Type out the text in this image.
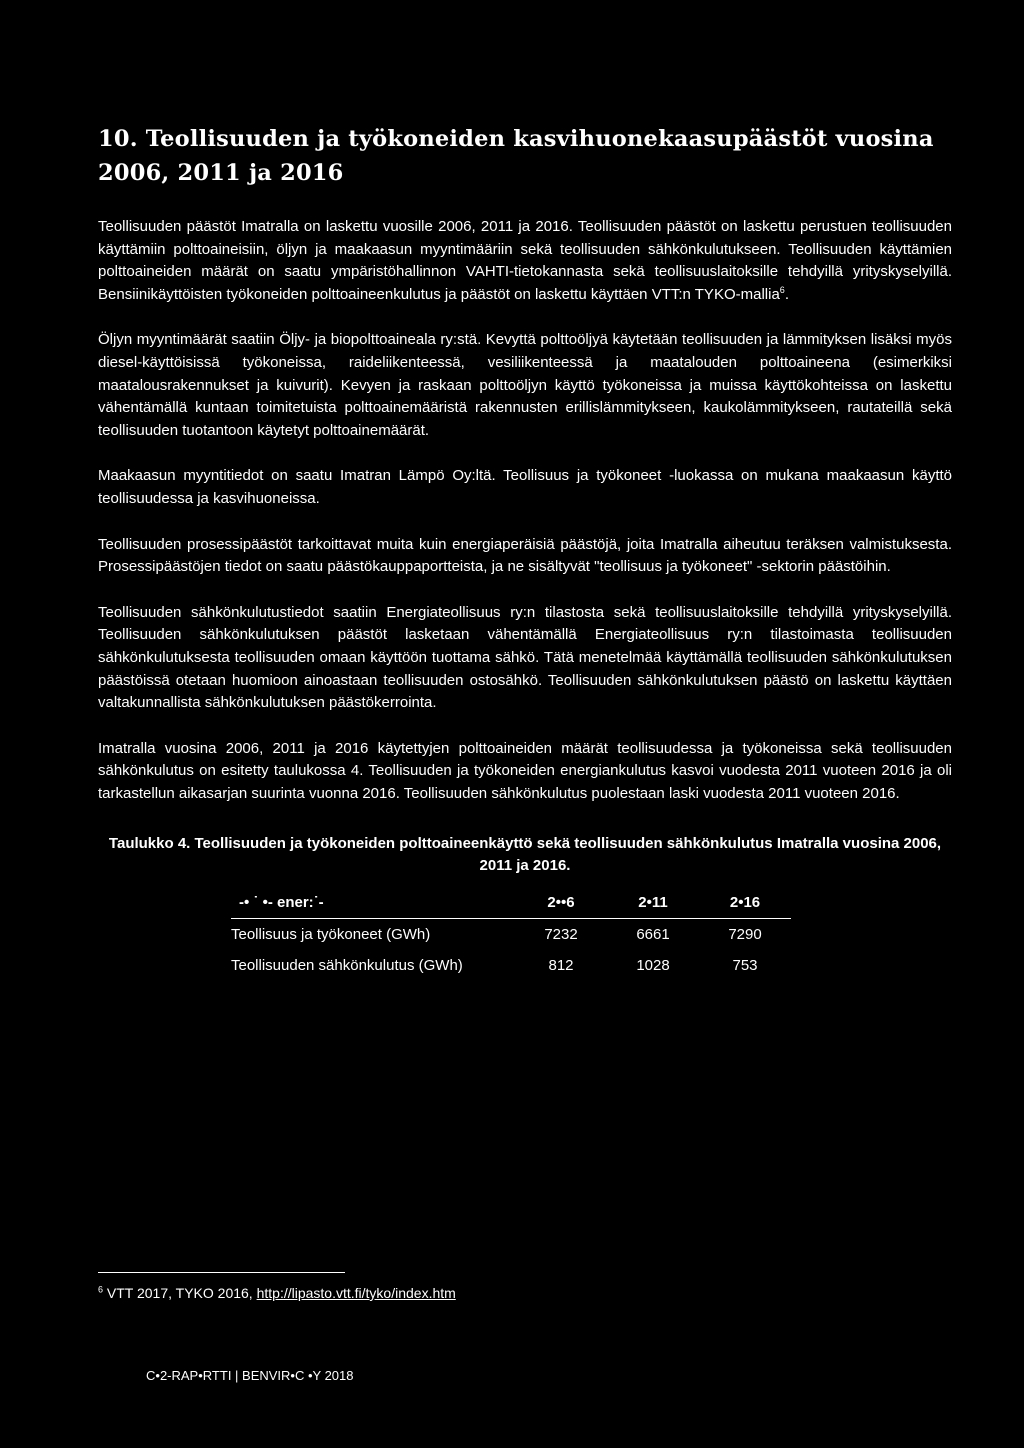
10. Teollisuuden ja työkoneiden kasvihuonekaasupäästöt vuosina 2006, 2011 ja 2016

Teollisuuden päästöt Imatralla on laskettu vuosille 2006, 2011 ja 2016. Teollisuuden päästöt on laskettu perustuen teollisuuden käyttämiin polttoaineisiin, öljyn ja maakaasun myyntimääriin sekä teollisuuden sähkönkulutukseen. Teollisuuden käyttämien polttoaineiden määrät on saatu ympäristöhallinnon VAHTI-tietokannasta sekä teollisuuslaitoksille tehdyillä yrityskyselyillä. Bensiinikäyttöisten työkoneiden polttoaineenkulutus ja päästöt on laskettu käyttäen VTT:n TYKO-mallia$^6$.

Öljyn myyntimäärät saatiin Öljy- ja biopolttoaineala ry:stä. Kevyttä polttoöljyä käytetään teollisuuden ja lämmityksen lisäksi myös diesel-käyttöisissä työkoneissa, raideliikenteessä, vesiliikenteessä ja maatalouden polttoaineena (esimerkiksi maatalousrakennukset ja kuivurit). Kevyen ja raskaan polttoöljyn käyttö työkoneissa ja muissa käyttökohteissa on laskettu vähentämällä kuntaan toimitetuista polttoainemääristä rakennusten erillislämmitykseen, kaukolämmitykseen, rautateillä sekä teollisuuden tuotantoon käytetyt polttoainemäärät.

Maakaasun myyntitiedot on saatu Imatran Lämpö Oy:ltä. Teollisuus ja työkoneet -luokassa on mukana maakaasun käyttö teollisuudessa ja kasvihuoneissa.

Teollisuuden prosessipäästöt tarkoittavat muita kuin energiaperäisiä päästöjä, joita Imatralla aiheutuu teräksen valmistuksesta. Prosessipäästöjen tiedot on saatu päästökauppaportteista, ja ne sisältyvät "teollisuus ja työkoneet" -sektorin päästöihin.

Teollisuuden sähkönkulutustiedot saatiin Energiateollisuus ry:n tilastosta sekä teollisuuslaitoksille tehdyillä yrityskyselyillä. Teollisuuden sähkönkulutuksen päästöt lasketaan vähentämällä Energiateollisuus ry:n tilastoimasta teollisuuden sähkönkulutuksesta teollisuuden omaan käyttöön tuottama sähkö. Tätä menetelmää käyttämällä teollisuuden sähkönkulutuksen päästöissä otetaan huomioon ainoastaan teollisuuden ostosähkö. Teollisuuden sähkönkulutuksen päästö on laskettu käyttäen valtakunnallista sähkönkulutuksen päästökerrointa.

Imatralla vuosina 2006, 2011 ja 2016 käytettyjen polttoaineiden määrät teollisuudessa ja työkoneissa sekä teollisuuden sähkönkulutus on esitetty taulukossa 4. Teollisuuden ja työkoneiden energiankulutus kasvoi vuodesta 2011 vuoteen 2016 ja oli tarkastellun aikasarjan suurinta vuonna 2016. Teollisuuden sähkönkulutus puolestaan laski vuodesta 2011 vuoteen 2016.

Taulukko 4. Teollisuuden ja työkoneiden polttoaineenkäyttö sekä teollisuuden sähkönkulutus Imatralla vuosina 2006, 2011 ja 2016.
-• ˙ •- ener:˙-	2••6	2•11	2•16
Teollisuus ja työkoneet (GWh)	7232	6661	7290
Teollisuuden sähkönkulutus (GWh)	812	1028	753
$^6$ VTT 2017, TYKO 2016, http://lipasto.vtt.fi/tyko/index.htm
C•2-RAP•RTTI | BENVIR•C •Y 2018
